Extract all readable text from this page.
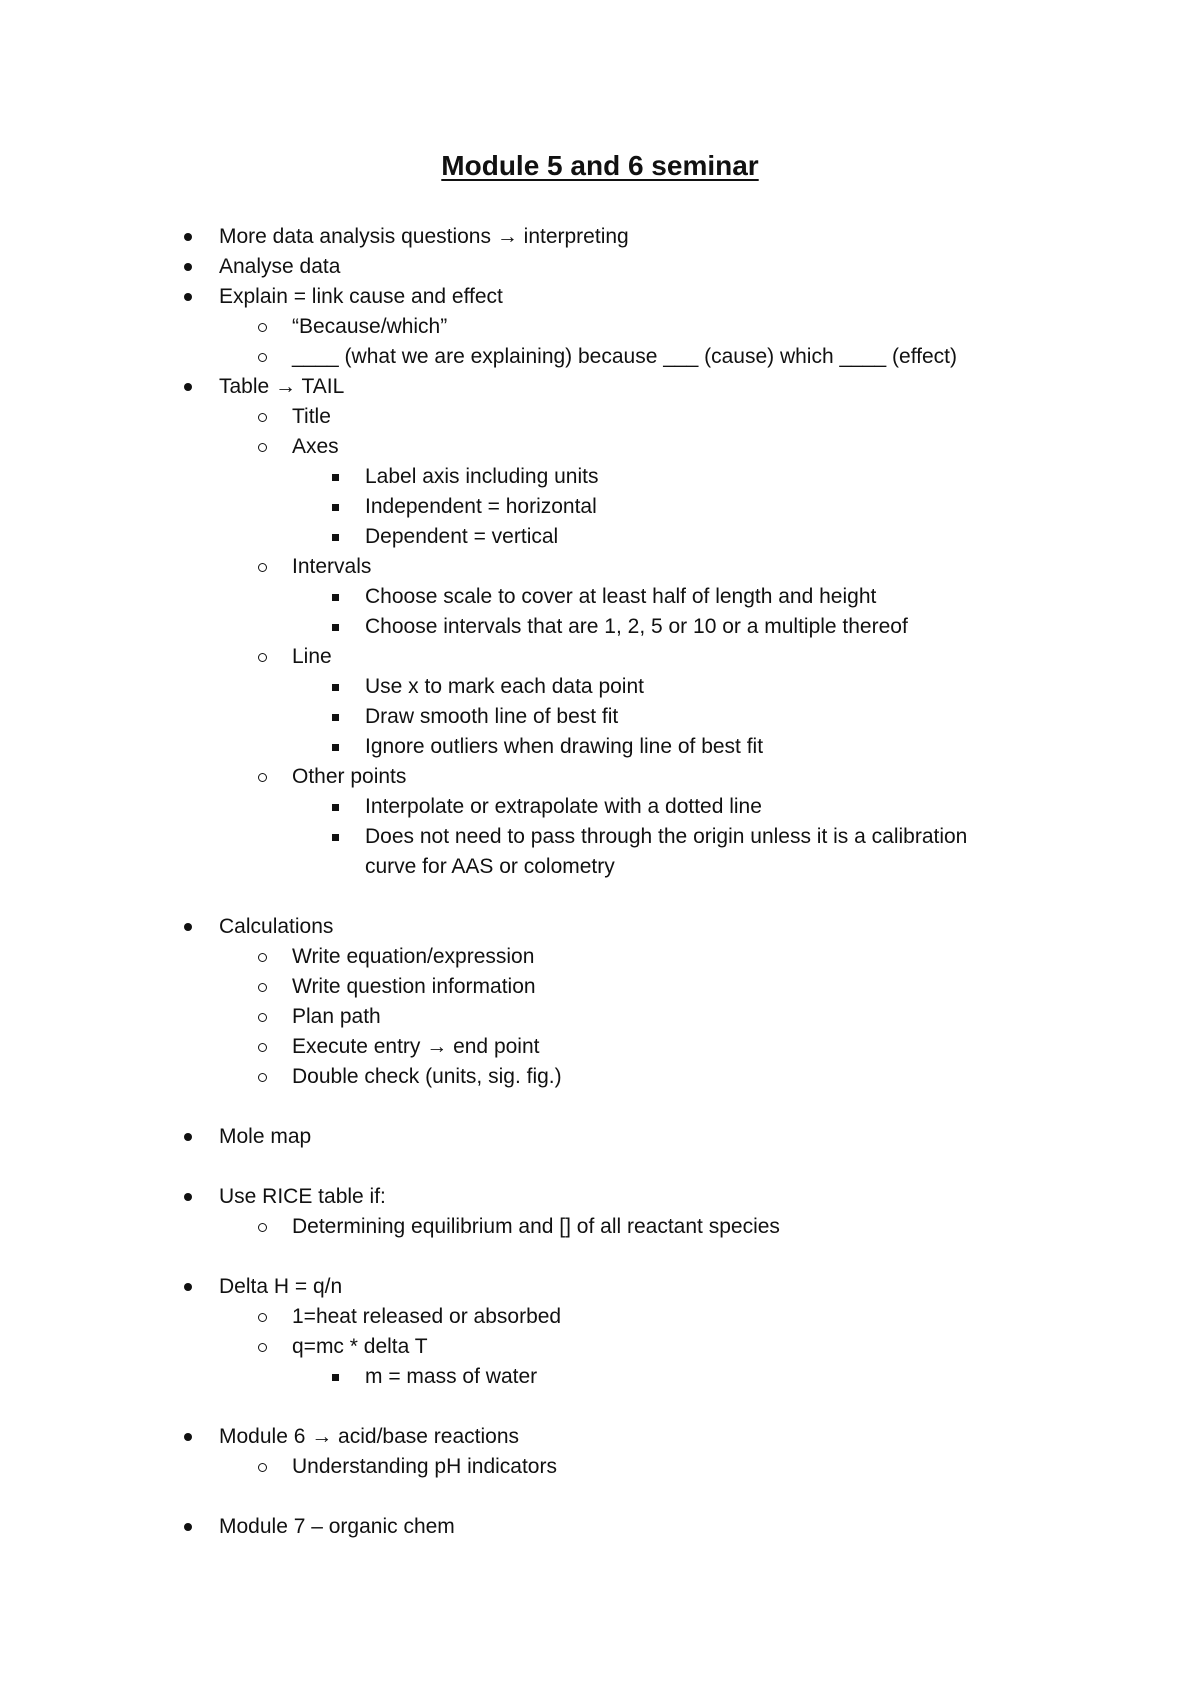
Module 5 and 6 seminar
More data analysis questions → interpreting
Analyse data
Explain = link cause and effect
“Because/which”
____ (what we are explaining) because ___ (cause) which ____ (effect)
Table → TAIL
Title
Axes
Label axis including units
Independent = horizontal
Dependent = vertical
Intervals
Choose scale to cover at least half of length and height
Choose intervals that are 1, 2, 5 or 10 or a multiple thereof
Line
Use x to mark each data point
Draw smooth line of best fit
Ignore outliers when drawing line of best fit
Other points
Interpolate or extrapolate with a dotted line
Does not need to pass through the origin unless it is a calibration
curve for AAS or colometry
Calculations
Write equation/expression
Write question information
Plan path
Execute entry → end point
Double check (units, sig. fig.)
Mole map
Use RICE table if:
Determining equilibrium and [] of all reactant species
Delta H = q/n
1=heat released or absorbed
q=mc * delta T
m = mass of water
Module 6 → acid/base reactions
Understanding pH indicators
Module 7 – organic chem
